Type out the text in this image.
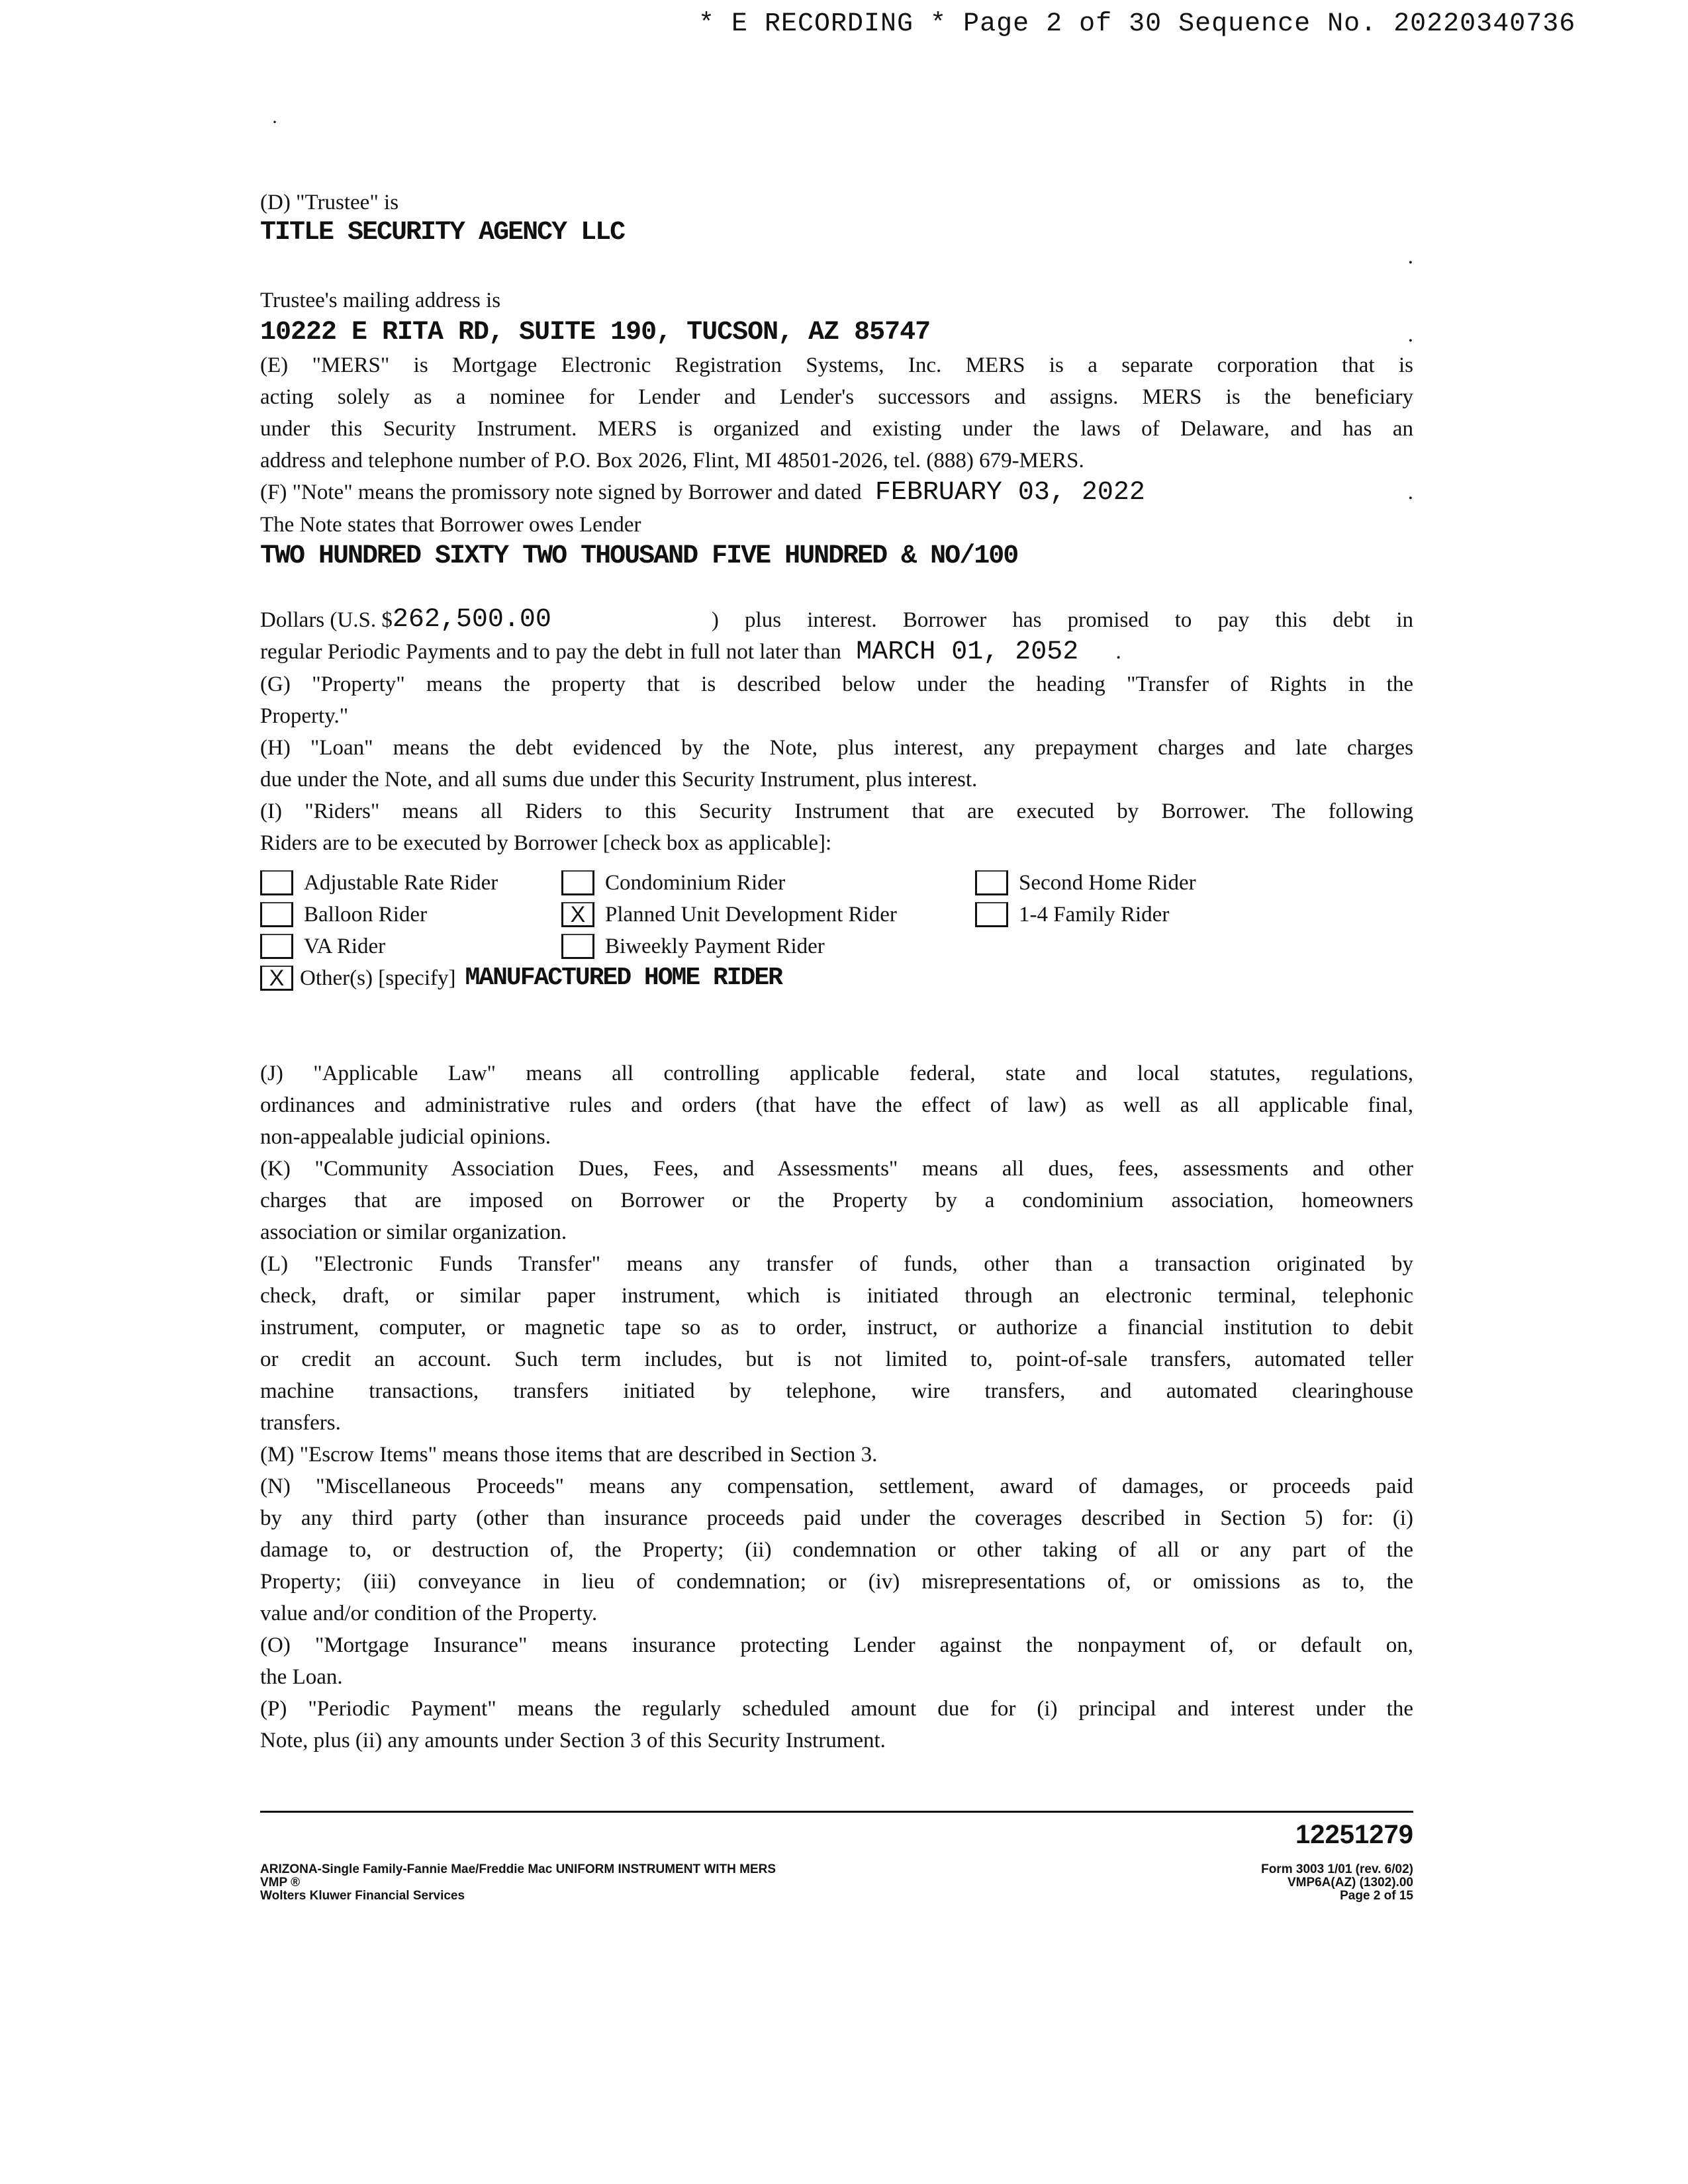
* E RECORDING * Page 2 of 30 Sequence No. 20220340736
·
(D) "Trustee" is
TITLE SECURITY AGENCY LLC
.
Trustee's mailing address is
10222 E RITA RD, SUITE 190, TUCSON, AZ 85747	.
(E) "MERS" is Mortgage Electronic Registration Systems, Inc. MERS is a separate corporation that is
acting solely as a nominee for Lender and Lender's successors and assigns. MERS is the beneficiary
under this Security Instrument. MERS is organized and existing under the laws of Delaware, and has an
address and telephone number of P.O. Box 2026, Flint, MI 48501-2026, tel. (888) 679-MERS.
(F) "Note" means the promissory note signed by Borrower and dated FEBRUARY 03, 2022	.
The Note states that Borrower owes Lender
TWO HUNDRED SIXTY TWO THOUSAND FIVE HUNDRED & NO/100
Dollars (U.S. $ 262,500.00	) plus interest. Borrower has promised to pay this debt in
regular Periodic Payments and to pay the debt in full not later than MARCH 01, 2052 .
(G) "Property" means the property that is described below under the heading "Transfer of Rights in the
Property."
(H) "Loan" means the debt evidenced by the Note, plus interest, any prepayment charges and late charges
due under the Note, and all sums due under this Security Instrument, plus interest.
(I) "Riders" means all Riders to this Security Instrument that are executed by Borrower. The following
Riders are to be executed by Borrower [check box as applicable]:
Adjustable Rate Rider	Condominium Rider	Second Home Rider
Balloon Rider	X Planned Unit Development Rider	1-4 Family Rider
VA Rider	Biweekly Payment Rider
X Other(s) [specify] MANUFACTURED HOME RIDER
(J) "Applicable Law" means all controlling applicable federal, state and local statutes, regulations,
ordinances and administrative rules and orders (that have the effect of law) as well as all applicable final,
non-appealable judicial opinions.
(K) "Community Association Dues, Fees, and Assessments" means all dues, fees, assessments and other
charges that are imposed on Borrower or the Property by a condominium association, homeowners
association or similar organization.
(L) "Electronic Funds Transfer" means any transfer of funds, other than a transaction originated by
check, draft, or similar paper instrument, which is initiated through an electronic terminal, telephonic
instrument, computer, or magnetic tape so as to order, instruct, or authorize a financial institution to debit
or credit an account. Such term includes, but is not limited to, point-of-sale transfers, automated teller
machine transactions, transfers initiated by telephone, wire transfers, and automated clearinghouse
transfers.
(M) "Escrow Items" means those items that are described in Section 3.
(N) "Miscellaneous Proceeds" means any compensation, settlement, award of damages, or proceeds paid
by any third party (other than insurance proceeds paid under the coverages described in Section 5) for: (i)
damage to, or destruction of, the Property; (ii) condemnation or other taking of all or any part of the
Property; (iii) conveyance in lieu of condemnation; or (iv) misrepresentations of, or omissions as to, the
value and/or condition of the Property.
(O) "Mortgage Insurance" means insurance protecting Lender against the nonpayment of, or default on,
the Loan.
(P) "Periodic Payment" means the regularly scheduled amount due for (i) principal and interest under the
Note, plus (ii) any amounts under Section 3 of this Security Instrument.
12251279
ARIZONA-Single Family-Fannie Mae/Freddie Mac UNIFORM INSTRUMENT WITH MERS
VMP ®
Wolters Kluwer Financial Services
Form 3003 1/01 (rev. 6/02)
VMP6A(AZ) (1302).00
Page 2 of 15
